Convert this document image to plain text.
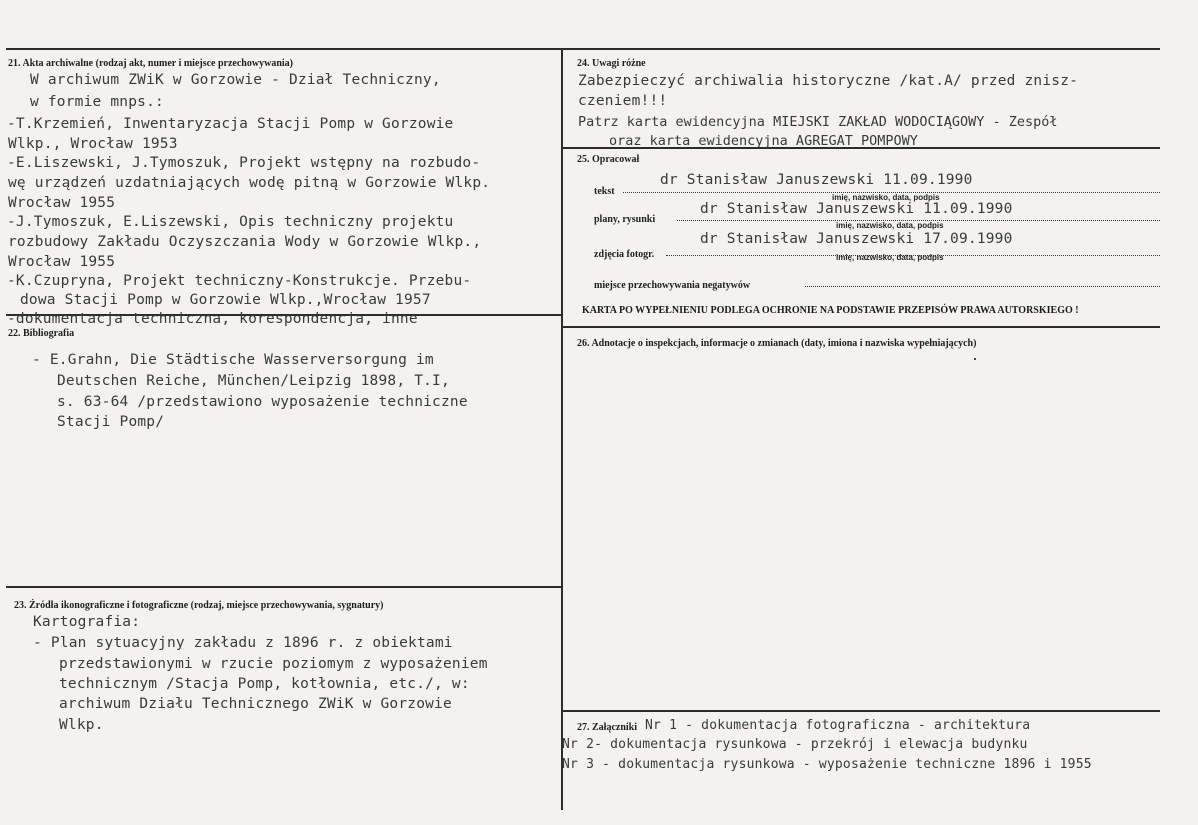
21. Akta archiwalne (rodzaj akt, numer i miejsce przechowywania)
W archiwum ZWiK w Gorzowie - Dział Techniczny,
w formie mnps.:
-T.Krzemień, Inwentaryzacja Stacji Pomp w Gorzowie
Wlkp., Wrocław 1953
-E.Liszewski, J.Tymoszuk, Projekt wstępny na rozbudo-
wę urządzeń uzdatniających wodę pitną w Gorzowie Wlkp.
Wrocław 1955
-J.Tymoszuk, E.Liszewski, Opis techniczny projektu
rozbudowy Zakładu Oczyszczania Wody w Gorzowie Wlkp.,
Wrocław 1955
-K.Czupryna, Projekt techniczny-Konstrukcje. Przebu-
dowa Stacji Pomp w Gorzowie Wlkp.,Wrocław 1957
-dokumentacja techniczna, korespondencja, inne
22. Bibliografia
- E.Grahn, Die Städtische Wasserversorgung im
Deutschen Reiche, München/Leipzig 1898, T.I,
s. 63-64 /przedstawiono wyposażenie techniczne
Stacji Pomp/
23. Źródła ikonograficzne i fotograficzne (rodzaj, miejsce przechowywania, sygnatury)
Kartografia:
- Plan sytuacyjny zakładu z 1896 r. z obiektami
przedstawionymi w rzucie poziomym z wyposażeniem
technicznym /Stacja Pomp, kotłownia, etc./, w:
archiwum Działu Technicznego ZWiK w Gorzowie
Wlkp.
24. Uwagi różne
Zabezpieczyć archiwalia historyczne /kat.A/ przed znisz-
czeniem!!!
Patrz karta ewidencyjna MIEJSKI ZAKŁAD WODOCIĄGOWY - Zespół
oraz karta ewidencyjna AGREGAT POMPOWY
25. Opracował
tekst
dr Stanisław Januszewski 11.09.1990
imię, nazwisko, data, podpis
plany, rysunki
dr Stanisław Januszewski 11.09.1990
imię, nazwisko, data, podpis
zdjęcia fotogr.
dr Stanisław Januszewski 17.09.1990
imię, nazwisko, data, podpis
miejsce przechowywania negatywów
KARTA PO WYPEŁNIENIU PODLEGA OCHRONIE NA PODSTAWIE PRZEPISÓW PRAWA AUTORSKIEGO !
26. Adnotacje o inspekcjach, informacje o zmianach (daty, imiona i nazwiska wypełniających)
27. Załączniki Nr 1 - dokumentacja fotograficzna - architektura
Nr 2- dokumentacja rysunkowa - przekrój i elewacja budynku
Nr 3 - dokumentacja rysunkowa - wyposażenie techniczne 1896 i 1955
